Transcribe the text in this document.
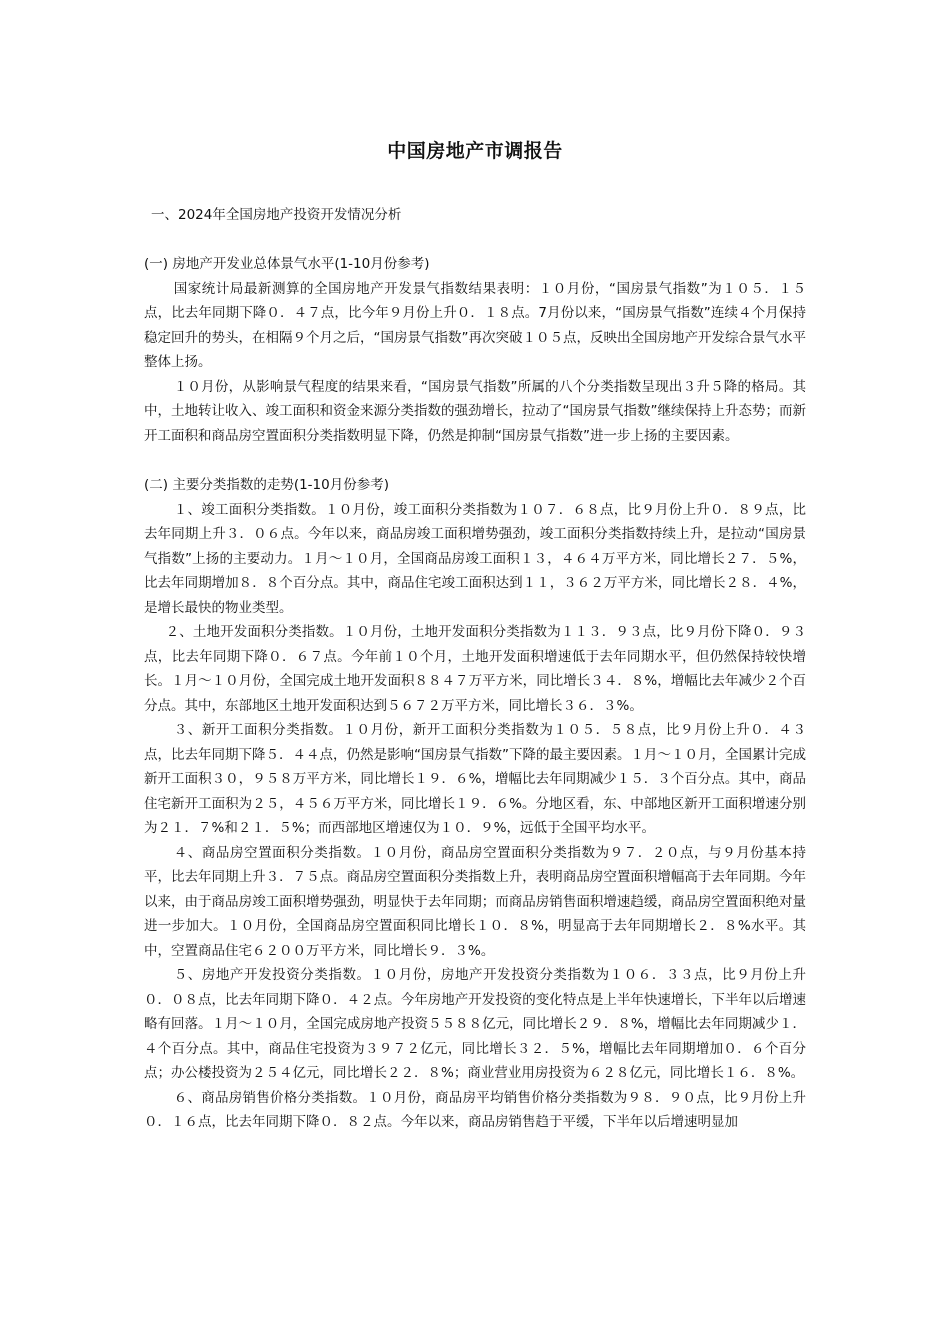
中国房地产市调报告
一、2024年全国房地产投资开发情况分析
(一) 房地产开发业总体景气水平(1-10月份参考)

国家统计局最新测算的全国房地产开发景气指数结果表明：１０月份，“国房景气指数”为１０５．１５点，比去年同期下降０．４７点，比今年９月份上升０．１８点。7月份以来，“国房景气指数”连续４个月保持稳定回升的势头，在相隔９个月之后，“国房景气指数”再次突破１０５点，反映出全国房地产开发综合景气水平整体上扬。

１０月份，从影响景气程度的结果来看，“国房景气指数”所属的八个分类指数呈现出３升５降的格局。其中，土地转让收入、竣工面积和资金来源分类指数的强劲增长，拉动了“国房景气指数”继续保持上升态势；而新开工面积和商品房空置面积分类指数明显下降，仍然是抑制“国房景气指数”进一步上扬的主要因素。

(二) 主要分类指数的走势(1-10月份参考)

１、竣工面积分类指数。１０月份，竣工面积分类指数为１０７．６８点，比９月份上升０．８９点，比去年同期上升３．０６点。今年以来，商品房竣工面积增势强劲，竣工面积分类指数持续上升，是拉动“国房景气指数”上扬的主要动力。１月～１０月，全国商品房竣工面积１３，４６４万平方米，同比增长２７．５%，比去年同期增加８．８个百分点。其中，商品住宅竣工面积达到１１，３６２万平方米，同比增长２８．４%，是增长最快的物业类型。

２、土地开发面积分类指数。１０月份，土地开发面积分类指数为１１３．９３点，比９月份下降０．９３点，比去年同期下降０．６７点。今年前１０个月，土地开发面积增速低于去年同期水平，但仍然保持较快增长。１月～１０月份，全国完成土地开发面积８８４７万平方米，同比增长３４．８%，增幅比去年减少２个百分点。其中，东部地区土地开发面积达到５６７２万平方米，同比增长３６．３%。

３、新开工面积分类指数。１０月份，新开工面积分类指数为１０５．５８点，比９月份上升０．４３点，比去年同期下降５．４４点，仍然是影响“国房景气指数”下降的最主要因素。１月～１０月，全国累计完成新开工面积３０，９５８万平方米，同比增长１９．６%，增幅比去年同期减少１５．３个百分点。其中，商品住宅新开工面积为２５，４５６万平方米，同比增长１９．６%。分地区看，东、中部地区新开工面积增速分别为２１．７%和２１．５%；而西部地区增速仅为１０．９%，远低于全国平均水平。

４、商品房空置面积分类指数。１０月份，商品房空置面积分类指数为９７．２０点，与９月份基本持平，比去年同期上升３．７５点。商品房空置面积分类指数上升，表明商品房空置面积增幅高于去年同期。今年以来，由于商品房竣工面积增势强劲，明显快于去年同期；而商品房销售面积增速趋缓，商品房空置面积绝对量进一步加大。１０月份，全国商品房空置面积同比增长１０．８%，明显高于去年同期增长２．８%水平。其中，空置商品住宅６２００万平方米，同比增长９．３%。

５、房地产开发投资分类指数。１０月份，房地产开发投资分类指数为１０６．３３点，比９月份上升０．０８点，比去年同期下降０．４２点。今年房地产开发投资的变化特点是上半年快速增长，下半年以后增速略有回落。１月～１０月，全国完成房地产投资５５８８亿元，同比增长２９．８%，增幅比去年同期减少１．４个百分点。其中，商品住宅投资为３９７２亿元，同比增长３２．５%，增幅比去年同期增加０．６个百分点；办公楼投资为２５４亿元，同比增长２２．８%；商业营业用房投资为６２８亿元，同比增长１６．８%。

６、商品房销售价格分类指数。１０月份，商品房平均销售价格分类指数为９８．９０点，比９月份上升０．１６点，比去年同期下降０．８２点。今年以来，商品房销售趋于平缓，下半年以后增速明显加
